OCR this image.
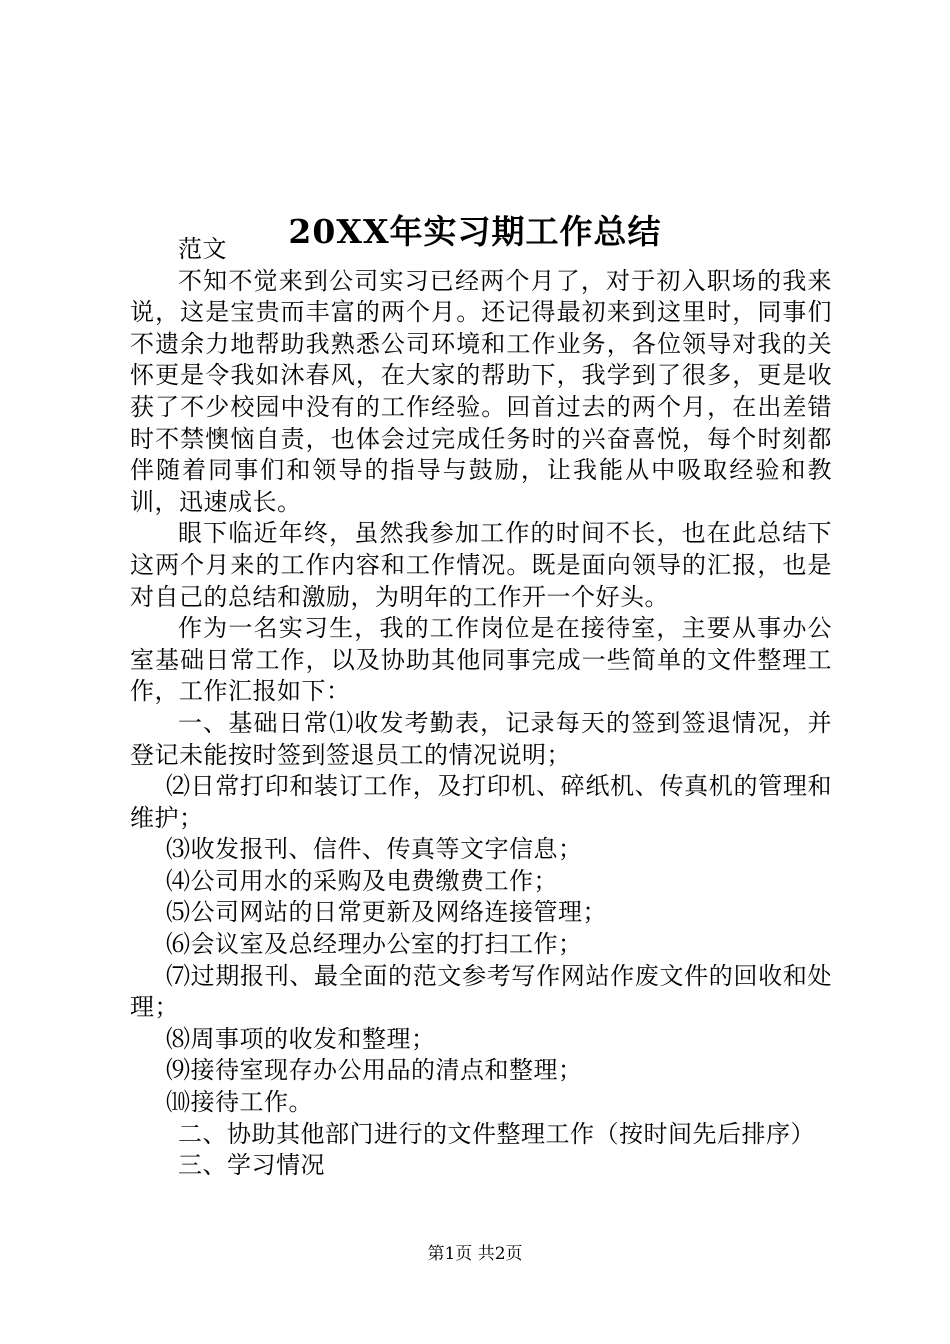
20XX年实习期工作总结

范文

不知不觉来到公司实习已经两个月了，对于初入职场的我来说，这是宝贵而丰富的两个月。还记得最初来到这里时，同事们不遗余力地帮助我熟悉公司环境和工作业务，各位领导对我的关怀更是令我如沐春风，在大家的帮助下，我学到了很多，更是收获了不少校园中没有的工作经验。回首过去的两个月，在出差错时不禁懊恼自责，也体会过完成任务时的兴奋喜悦，每个时刻都伴随着同事们和领导的指导与鼓励，让我能从中吸取经验和教训，迅速成长。

眼下临近年终，虽然我参加工作的时间不长，也在此总结下这两个月来的工作内容和工作情况。既是面向领导的汇报，也是对自己的总结和激励，为明年的工作开一个好头。

作为一名实习生，我的工作岗位是在接待室，主要从事办公室基础日常工作，以及协助其他同事完成一些简单的文件整理工作，工作汇报如下：

一、基础日常⑴收发考勤表，记录每天的签到签退情况，并登记未能按时签到签退员工的情况说明；

⑵日常打印和装订工作，及打印机、碎纸机、传真机的管理和维护；

⑶收发报刊、信件、传真等文字信息；

⑷公司用水的采购及电费缴费工作；

⑸公司网站的日常更新及网络连接管理；

⑹会议室及总经理办公室的打扫工作；

⑺过期报刊、最全面的范文参考写作网站作废文件的回收和处理；

⑻周事项的收发和整理；

⑼接待室现存办公用品的清点和整理；

⑽接待工作。

二、协助其他部门进行的文件整理工作（按时间先后排序）

三、学习情况

第1页 共2页
